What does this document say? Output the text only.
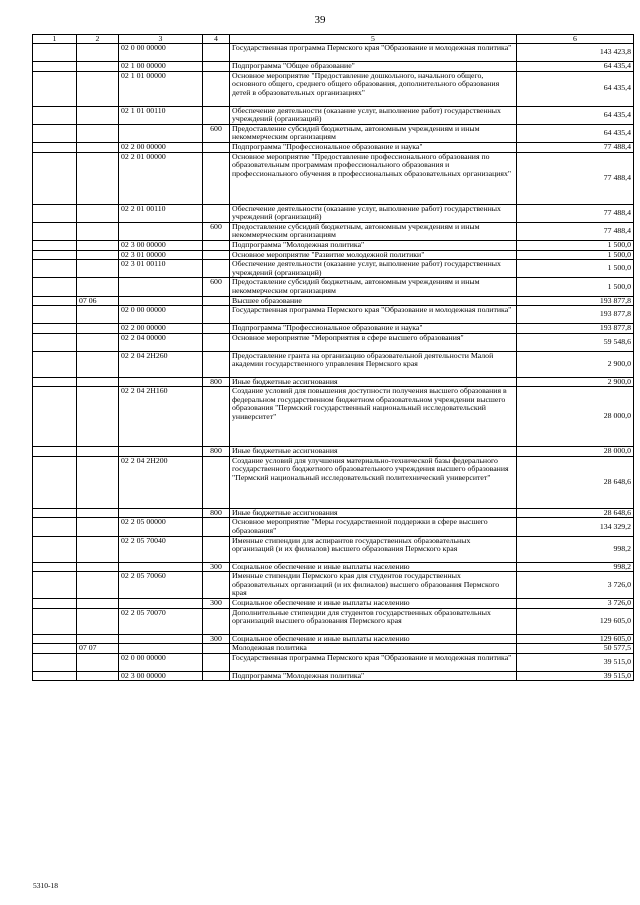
39
1	2	3	4	5	6
		02 0 00 00000		Государственная программа Пермского края "Образование и молодежная политика"	143 423,8
		02 1 00 00000		Подпрограмма "Общее образование"	64 435,4
		02 1 01 00000		Основное мероприятие "Предоставление дошкольного, начального общего, основного общего, среднего общего образования, дополнительного образования детей в образовательных организациях"	64 435,4
		02 1 01 00110		Обеспечение деятельности (оказание услуг, выполнение работ) государственных учреждений (организаций)	64 435,4
			600	Предоставление субсидий бюджетным, автономным учреждениям и иным некоммерческим организациям	64 435,4
		02 2 00 00000		Подпрограмма "Профессиональное образование и наука"	77 488,4
		02 2 01 00000		Основное мероприятие "Предоставление профессионального образования по образовательным программам профессионального образования и профессионального обучения в профессиональных образовательных организациях"	77 488,4
		02 2 01 00110		Обеспечение деятельности (оказание услуг, выполнение работ) государственных учреждений (организаций)	77 488,4
			600	Предоставление субсидий бюджетным, автономным учреждениям и иным некоммерческим организациям	77 488,4
		02 3 00 00000		Подпрограмма "Молодежная политика"	1 500,0
		02 3 01 00000		Основное мероприятие "Развитие молодежной политики"	1 500,0
		02 3 01 00110		Обеспечение деятельности (оказание услуг, выполнение работ) государственных учреждений (организаций)	1 500,0
			600	Предоставление субсидий бюджетным, автономным учреждениям и иным некоммерческим организациям	1 500,0
	07 06			Высшее образование	193 877,8
		02 0 00 00000		Государственная программа Пермского края "Образование и молодежная политика"	193 877,8
		02 2 00 00000		Подпрограмма "Профессиональное образование и наука"	193 877,8
		02 2 04 00000		Основное мероприятие "Мероприятия в сфере высшего образования"	59 548,6
		02 2 04 2Н260		Предоставление гранта на организацию образовательной деятельности Малой академии государственного управления Пермского края	2 900,0
			800	Иные бюджетные ассигнования	2 900,0
		02 2 04 2Н160		Создание условий для повышения доступности получения высшего образования в федеральном государственном бюджетном образовательном учреждении высшего образования "Пермский государственный национальный исследовательский университет"	28 000,0
			800	Иные бюджетные ассигнования	28 000,0
		02 2 04 2Н200		Создание условий для улучшения материально-технической базы федерального государственного бюджетного образовательного учреждения высшего образования "Пермский национальный исследовательский политехнический университет"	28 648,6
			800	Иные бюджетные ассигнования	28 648,6
		02 2 05 00000		Основное мероприятие "Меры государственной поддержки в сфере высшего образования"	134 329,2
		02 2 05 70040		Именные стипендии для аспирантов государственных образовательных организаций (и их филиалов) высшего образования Пермского края	998,2
			300	Социальное обеспечение и иные выплаты населению	998,2
		02 2 05 70060		Именные стипендии Пермского края для студентов государственных образовательных организаций (и их филиалов) высшего образования Пермского края	3 726,0
			300	Социальное обеспечение и иные выплаты населению	3 726,0
		02 2 05 70070		Дополнительные стипендии для студентов государственных образовательных организаций высшего образования Пермского края	129 605,0
			300	Социальное обеспечение и иные выплаты населению	129 605,0
	07 07			Молодежная политика	50 577,5
		02 0 00 00000		Государственная программа Пермского края "Образование и молодежная политика"	39 515,0
		02 3 00 00000		Подпрограмма "Молодежная политика"	39 515,0
5310-18
